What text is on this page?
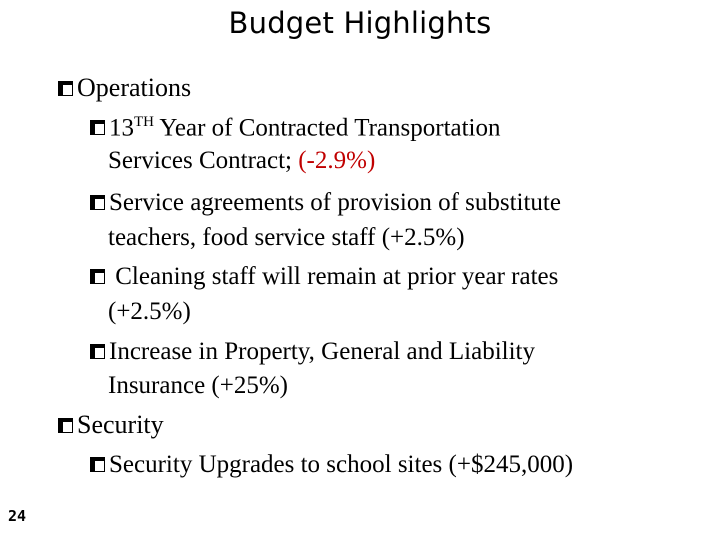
Budget Highlights
Operations
13TH Year of Contracted Transportation
Services Contract; (-2.9%)
Service agreements of provision of substitute
teachers, food service staff (+2.5%)
Cleaning staff will remain at prior year rates
(+2.5%)
Increase in Property, General and Liability
Insurance (+25%)
Security
Security Upgrades to school sites (+$245,000)
24
